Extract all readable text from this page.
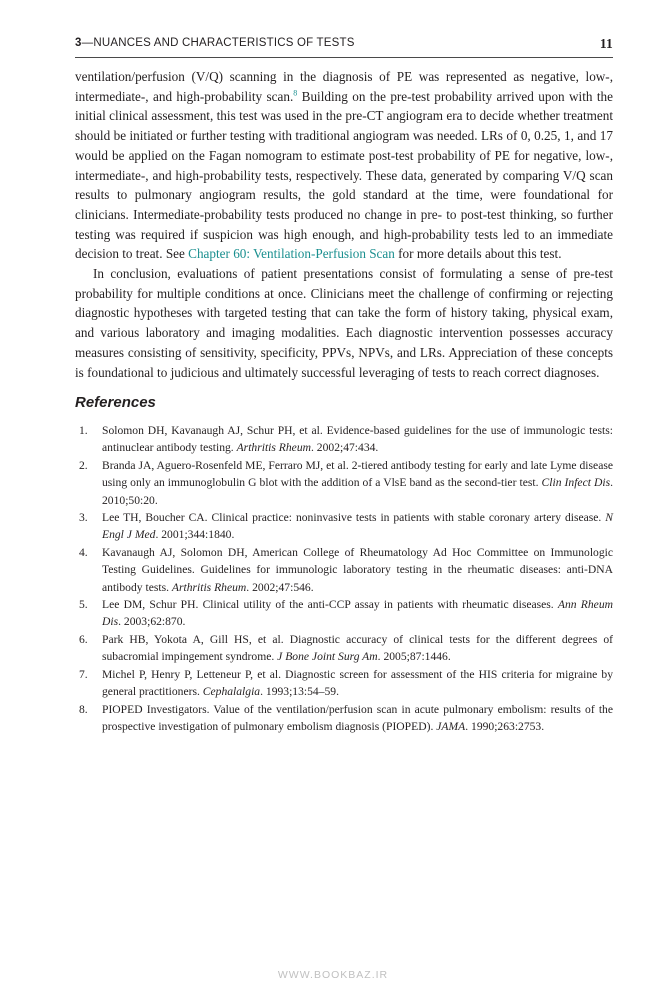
3—NUANCES AND CHARACTERISTICS OF TESTS	11

ventilation/perfusion (V/Q) scanning in the diagnosis of PE was represented as negative, low-, intermediate-, and high-probability scan.$^8$ Building on the pre-test probability arrived upon with the initial clinical assessment, this test was used in the pre-CT angiogram era to decide whether treatment should be initiated or further testing with traditional angiogram was needed. LRs of 0, 0.25, 1, and 17 would be applied on the Fagan nomogram to estimate post-test probability of PE for negative, low-, intermediate-, and high-probability tests, respectively. These data, generated by comparing V/Q scan results to pulmonary angiogram results, the gold standard at the time, were foundational for clinicians. Intermediate-probability tests produced no change in pre- to post-test thinking, so further testing was required if suspicion was high enough, and high-probability tests led to an immediate decision to treat. See Chapter 60: Ventilation-Perfusion Scan for more details about this test.

In conclusion, evaluations of patient presentations consist of formulating a sense of pre-test probability for multiple conditions at once. Clinicians meet the challenge of confirming or rejecting diagnostic hypotheses with targeted testing that can take the form of history taking, physical exam, and various laboratory and imaging modalities. Each diagnostic intervention possesses accuracy measures consisting of sensitivity, specificity, PPVs, NPVs, and LRs. Appreciation of these concepts is foundational to judicious and ultimately successful leveraging of tests to reach correct diagnoses.

References
1. Solomon DH, Kavanaugh AJ, Schur PH, et al. Evidence-based guidelines for the use of immunologic tests: antinuclear antibody testing. Arthritis Rheum. 2002;47:434.
2. Branda JA, Aguero-Rosenfeld ME, Ferraro MJ, et al. 2-tiered antibody testing for early and late Lyme disease using only an immunoglobulin G blot with the addition of a VlsE band as the second-tier test. Clin Infect Dis. 2010;50:20.
3. Lee TH, Boucher CA. Clinical practice: noninvasive tests in patients with stable coronary artery disease. N Engl J Med. 2001;344:1840.
4. Kavanaugh AJ, Solomon DH, American College of Rheumatology Ad Hoc Committee on Immunologic Testing Guidelines. Guidelines for immunologic laboratory testing in the rheumatic diseases: anti-DNA antibody tests. Arthritis Rheum. 2002;47:546.
5. Lee DM, Schur PH. Clinical utility of the anti-CCP assay in patients with rheumatic diseases. Ann Rheum Dis. 2003;62:870.
6. Park HB, Yokota A, Gill HS, et al. Diagnostic accuracy of clinical tests for the different degrees of subacromial impingement syndrome. J Bone Joint Surg Am. 2005;87:1446.
7. Michel P, Henry P, Letteneur P, et al. Diagnostic screen for assessment of the HIS criteria for migraine by general practitioners. Cephalalgia. 1993;13:54–59.
8. PIOPED Investigators. Value of the ventilation/perfusion scan in acute pulmonary embolism: results of the prospective investigation of pulmonary embolism diagnosis (PIOPED). JAMA. 1990;263:2753.
WWW.BOOKBAZ.IR
